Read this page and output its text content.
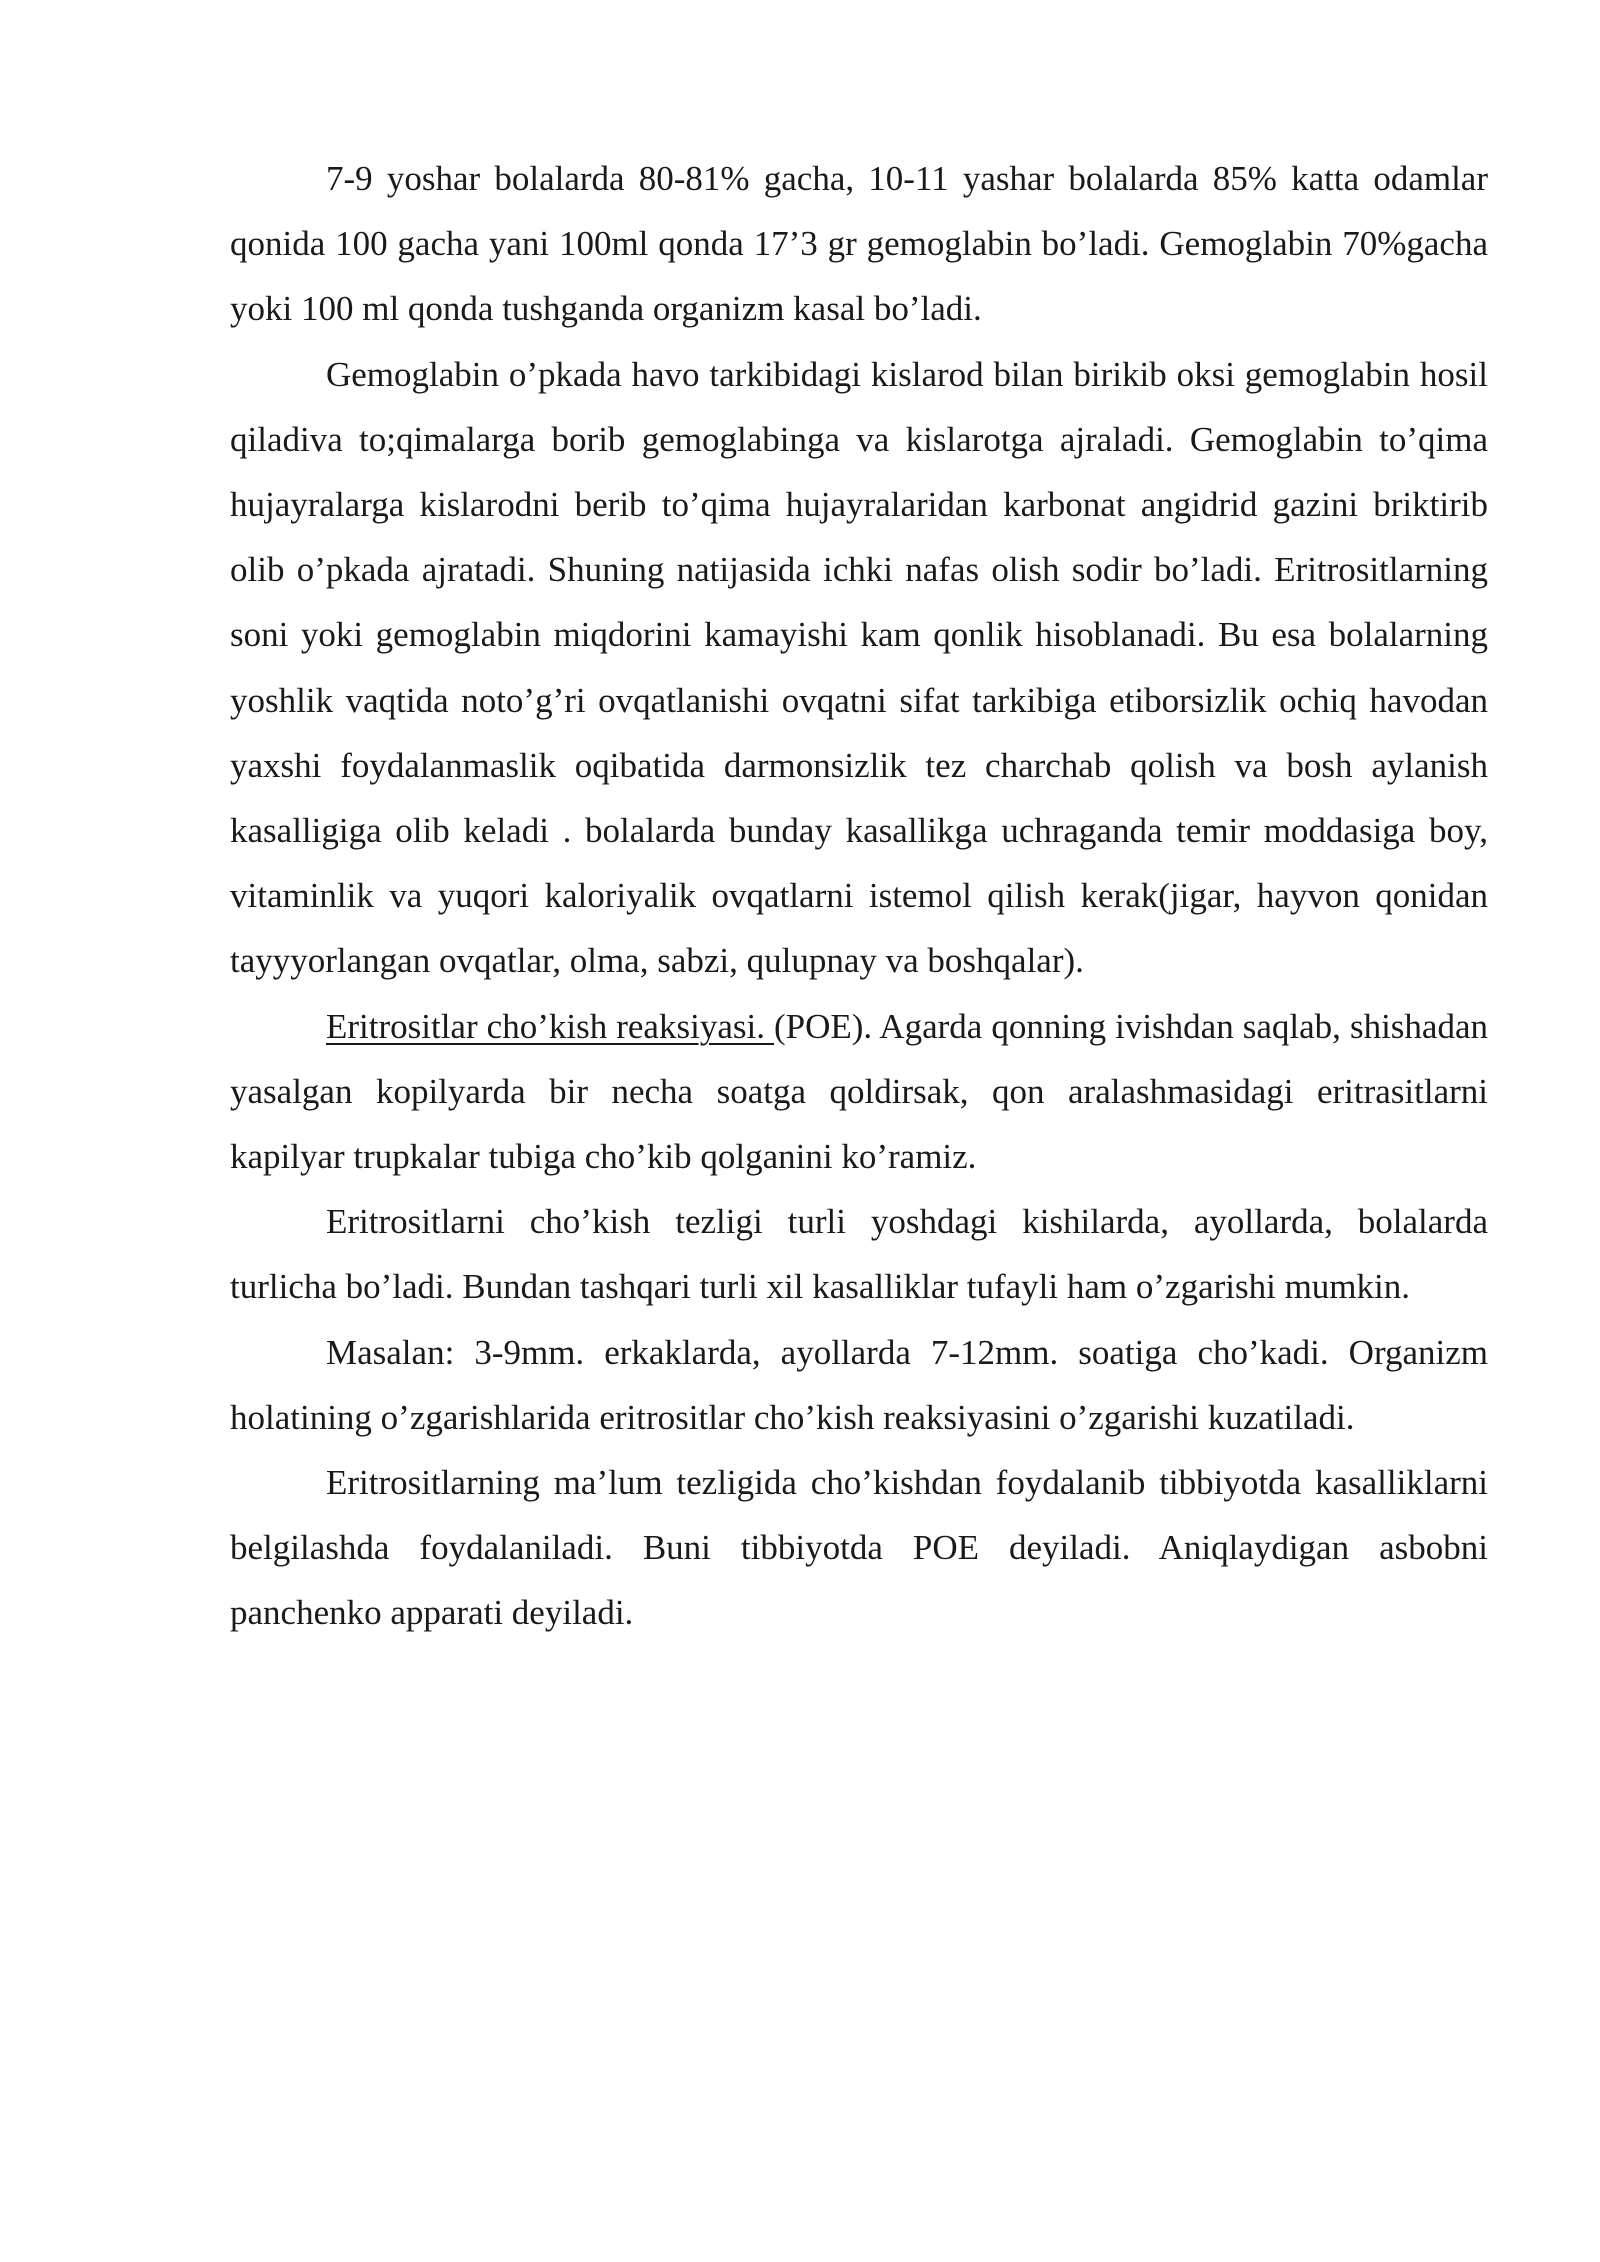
7-9 yoshar bolalarda 80-81% gacha, 10-11 yashar bolalarda 85% katta odamlar qonida 100 gacha yani 100ml qonda 17’3 gr gemoglabin bo’ladi. Gemoglabin 70%gacha yoki 100 ml qonda tushganda organizm kasal bo’ladi.

Gemoglabin o’pkada havo tarkibidagi kislarod bilan birikib oksi gemoglabin hosil qiladiva to;qimalarga borib gemoglabinga va kislarotga ajraladi. Gemoglabin to’qima hujayralarga kislarodni berib to’qima hujayralaridan karbonat angidrid gazini briktirib olib o’pkada ajratadi. Shuning natijasida ichki nafas olish sodir bo’ladi. Eritrositlarning soni yoki gemoglabin miqdorini kamayishi kam qonlik hisoblanadi. Bu esa bolalarning yoshlik vaqtida noto’g’ri ovqatlanishi ovqatni sifat tarkibiga etiborsizlik ochiq havodan yaxshi foydalanmaslik oqibatida darmonsizlik tez charchab qolish va bosh aylanish kasalligiga olib keladi . bolalarda bunday kasallikga uchraganda temir moddasiga boy, vitaminlik va yuqori kaloriyalik ovqatlarni istemol qilish kerak(jigar, hayvon qonidan tayyyorlangan ovqatlar, olma, sabzi, qulupnay va boshqalar).

Eritrositlar cho’kish reaksiyasi. (POE). Agarda qonning ivishdan saqlab, shishadan yasalgan kopilyarda bir necha soatga qoldirsak, qon aralashmasidagi eritrasitlarni kapilyar trupkalar tubiga cho’kib qolganini ko’ramiz.

Eritrositlarni cho’kish tezligi turli yoshdagi kishilarda, ayollarda, bolalarda turlicha bo’ladi. Bundan tashqari turli xil kasalliklar tufayli ham o’zgarishi mumkin.

Masalan: 3-9mm. erkaklarda, ayollarda 7-12mm. soatiga cho’kadi. Organizm holatining o’zgarishlarida eritrositlar cho’kish reaksiyasini o’zgarishi kuzatiladi.

Eritrositlarning ma’lum tezligida cho’kishdan foydalanib tibbiyotda kasalliklarni belgilashda foydalaniladi. Buni tibbiyotda POE deyiladi. Aniqlaydigan asbobni panchenko apparati deyiladi.
